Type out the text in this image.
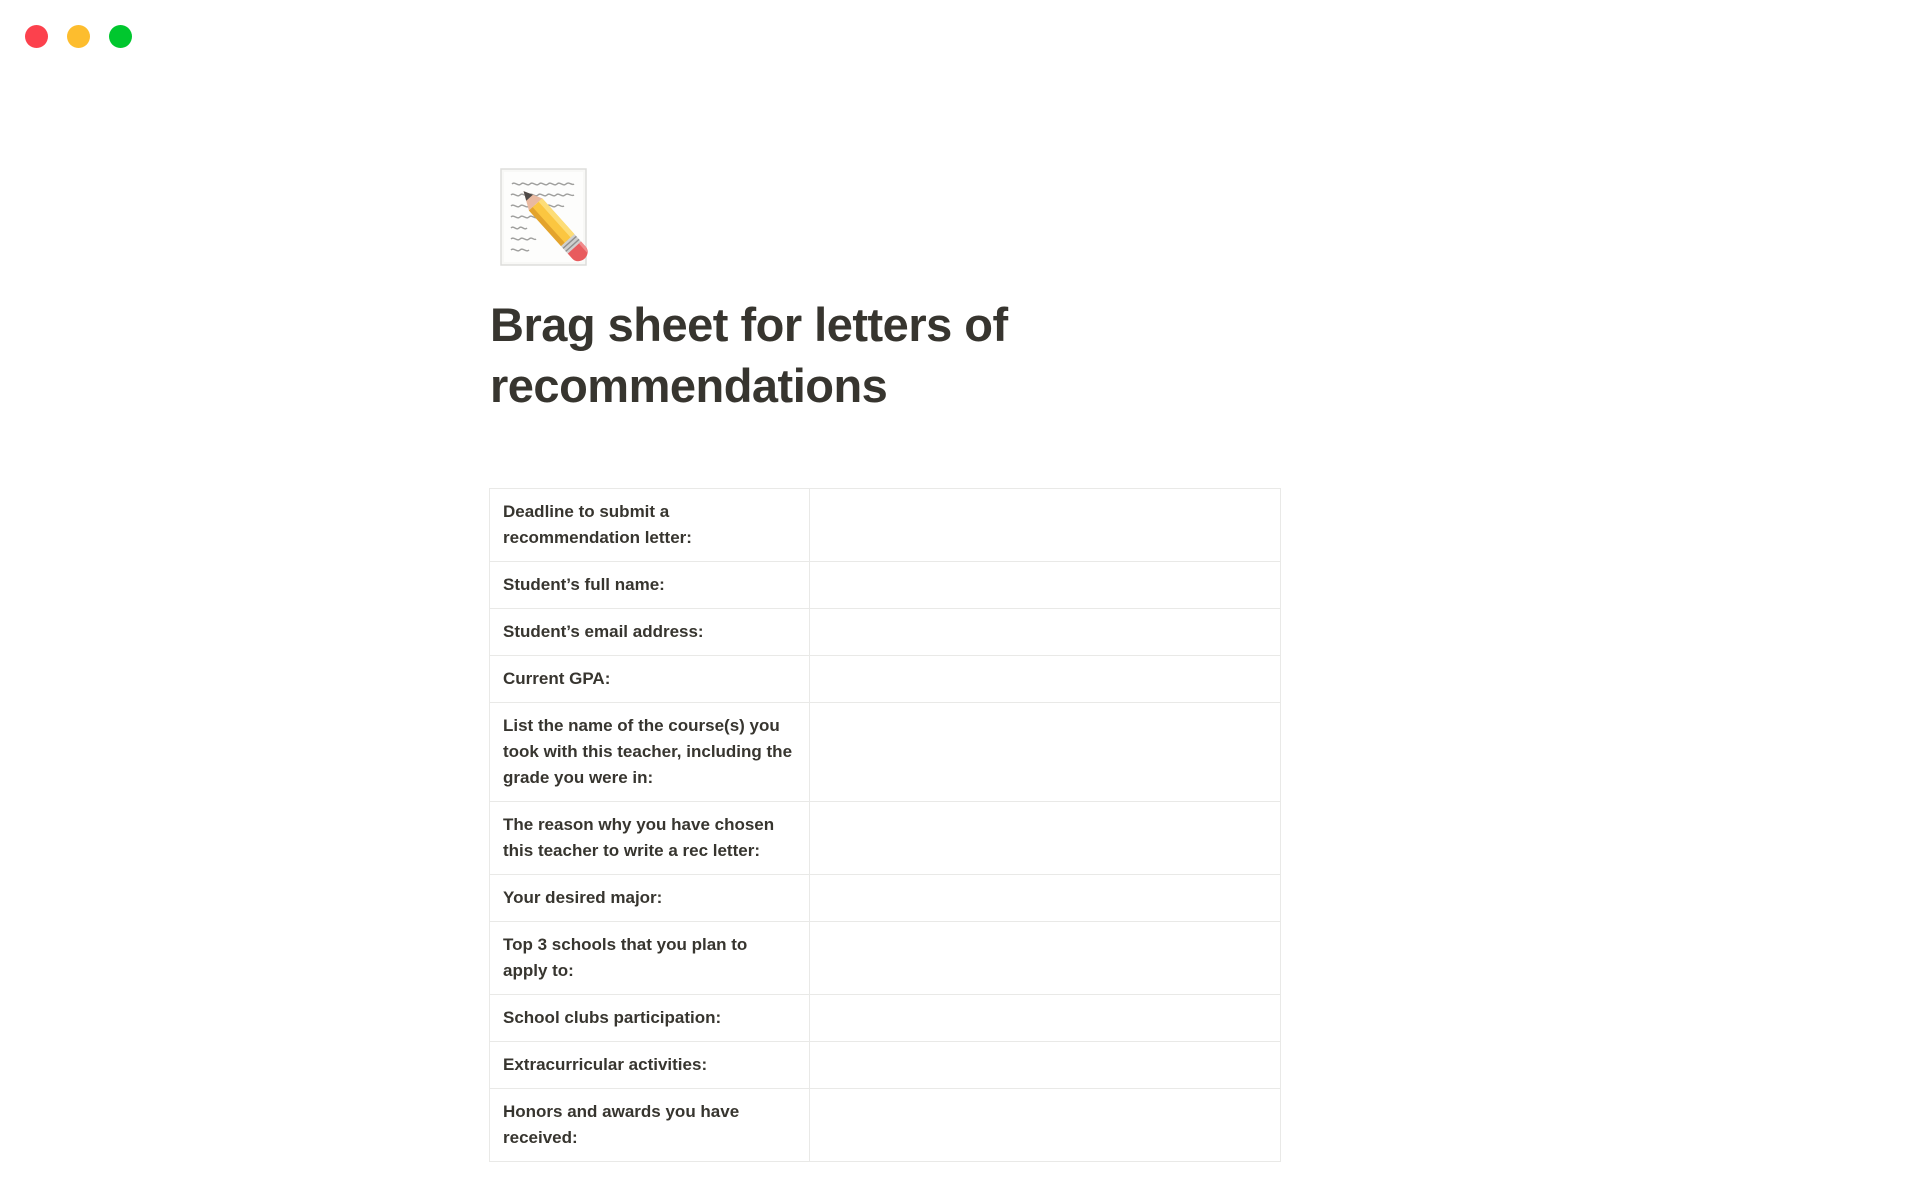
Brag sheet for letters of recommendations
Deadline to submit a recommendation letter:	
Student’s full name:	
Student’s email address:	
Current GPA:	
List the name of the course(s) you took with this teacher, including the grade you were in:	
The reason why you have chosen this teacher to write a rec letter:	
Your desired major:	
Top 3 schools that you plan to apply to:	
School clubs participation:	
Extracurricular activities:	
Honors and awards you have received:	
